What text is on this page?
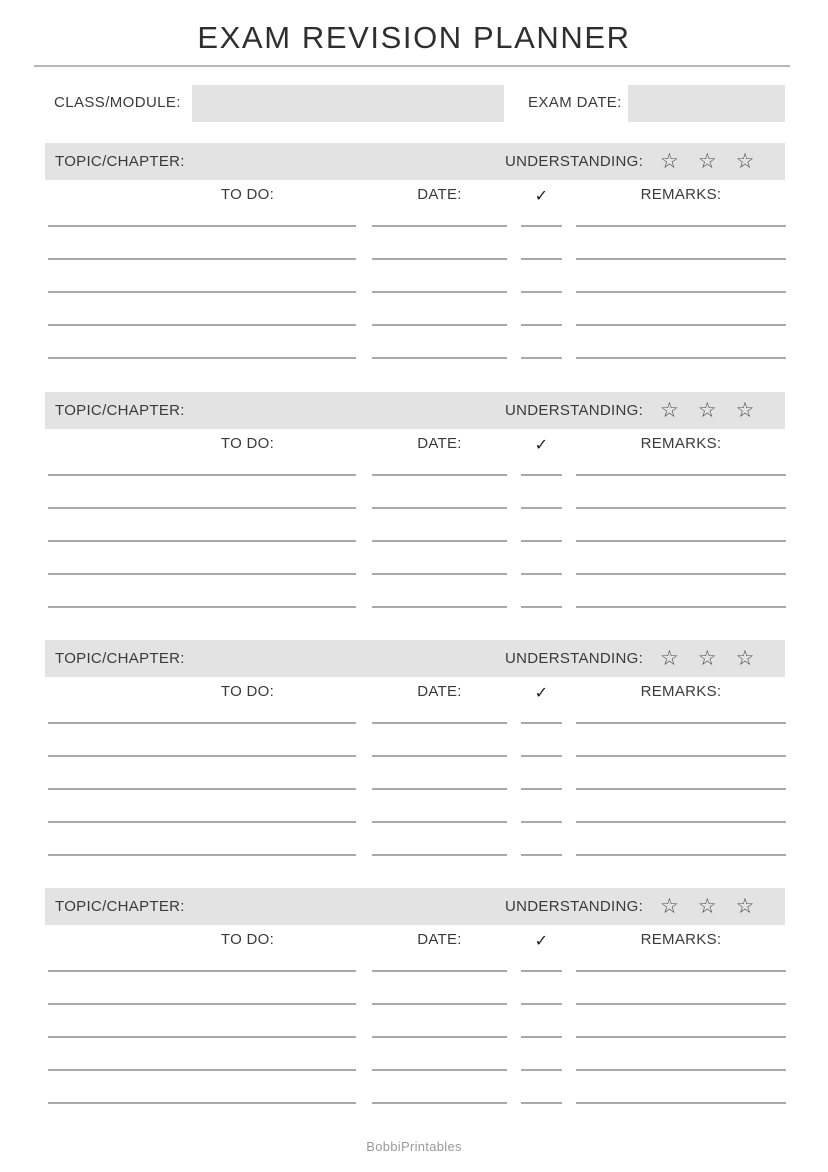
EXAM REVISION PLANNER
CLASS/MODULE:	EXAM DATE:
TOPIC/CHAPTER:	UNDERSTANDING: ☆ ☆ ☆
TO DO:	DATE:	✓	REMARKS:
TOPIC/CHAPTER:	UNDERSTANDING: ☆ ☆ ☆
TO DO:	DATE:	✓	REMARKS:
TOPIC/CHAPTER:	UNDERSTANDING: ☆ ☆ ☆
TO DO:	DATE:	✓	REMARKS:
TOPIC/CHAPTER:	UNDERSTANDING: ☆ ☆ ☆
TO DO:	DATE:	✓	REMARKS:
BobbiPrintables
